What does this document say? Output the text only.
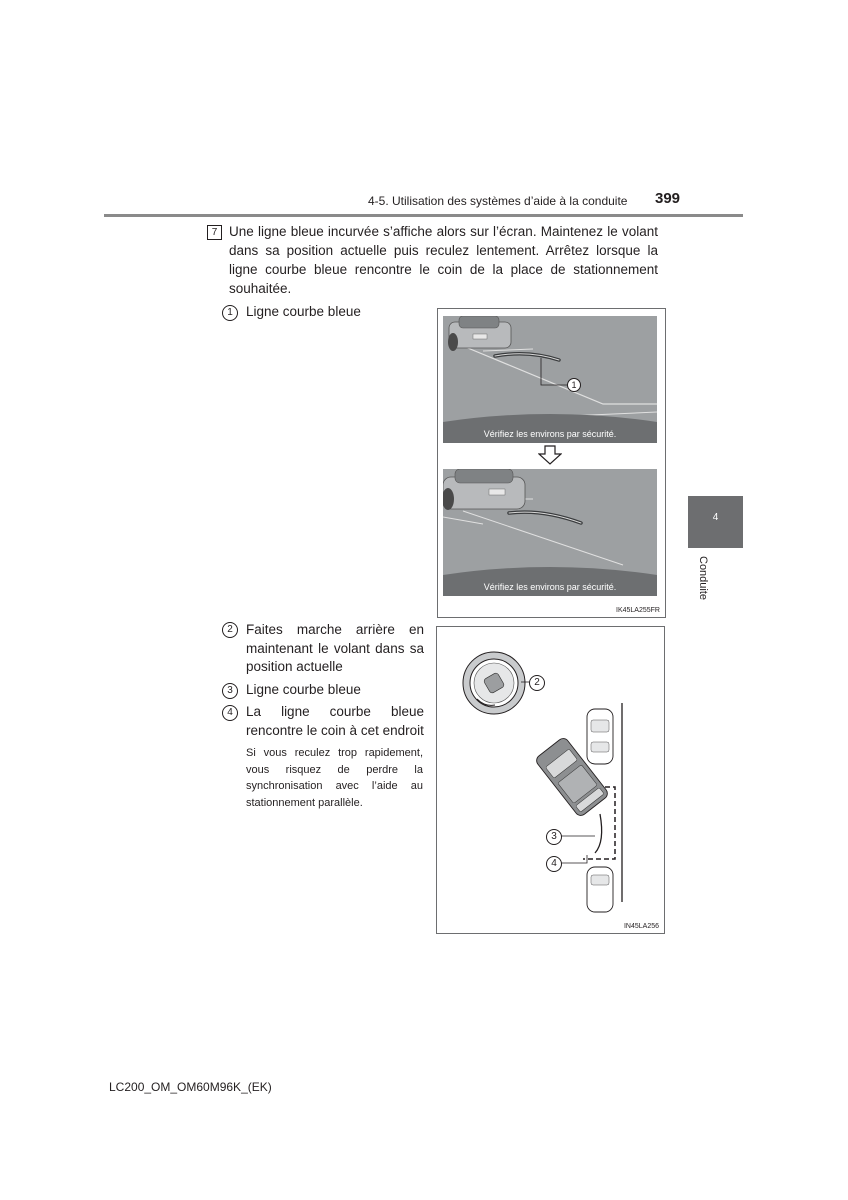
4-5. Utilisation des systèmes d’aide à la conduite 399
4
Conduite
7 Une ligne bleue incurvée s’affiche alors sur l’écran. Maintenez le volant dans sa position actuelle puis reculez lentement. Arrêtez lorsque la ligne courbe bleue rencontre le coin de la place de stationnement souhaitée.
1 Ligne courbe bleue
2 Faites marche arrière en maintenant le volant dans sa position actuelle
3 Ligne courbe bleue
4 La ligne courbe bleue rencontre le coin à cet endroit
Si vous reculez trop rapidement, vous risquez de perdre la synchronisation avec l’aide au stationnement parallèle.
1
Vérifiez les environs par sécurité.
Vérifiez les environs par sécurité.
IK45LA255FR
2
3
4
IN45LA256
LC200_OM_OM60M96K_(EK)
